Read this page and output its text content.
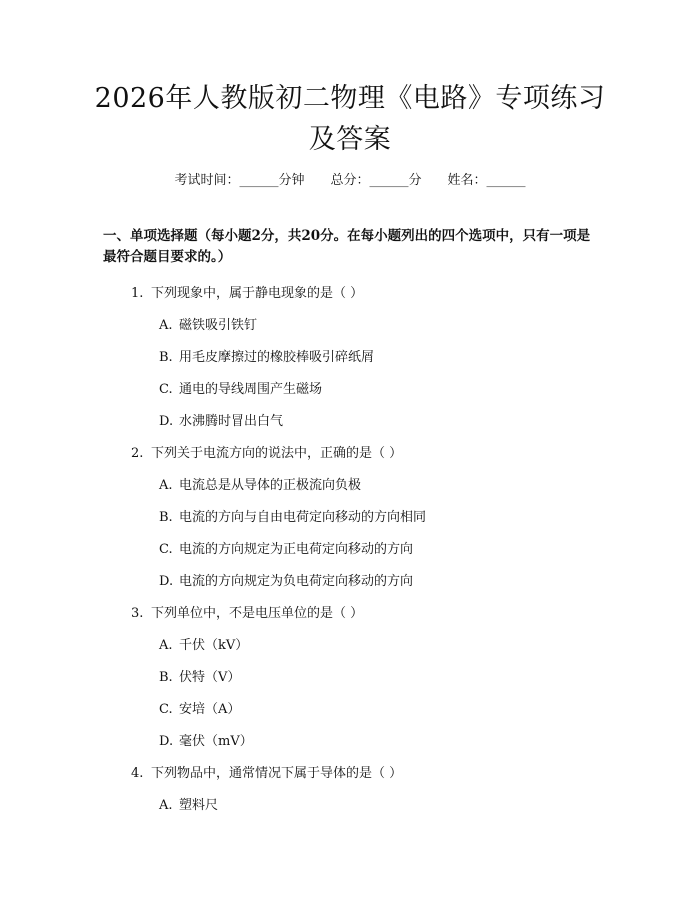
2026年人教版初二物理《电路》专项练习及答案
考试时间：______分钟 总分：______分 姓名：______
一、单项选择题（每小题2分，共20分。在每小题列出的四个选项中，只有一项是最符合题目要求的。）
1. 下列现象中，属于静电现象的是（ ）
A. 磁铁吸引铁钉
B. 用毛皮摩擦过的橡胶棒吸引碎纸屑
C. 通电的导线周围产生磁场
D. 水沸腾时冒出白气
2. 下列关于电流方向的说法中，正确的是（ ）
A. 电流总是从导体的正极流向负极
B. 电流的方向与自由电荷定向移动的方向相同
C. 电流的方向规定为正电荷定向移动的方向
D. 电流的方向规定为负电荷定向移动的方向
3. 下列单位中，不是电压单位的是（ ）
A. 千伏（kV）
B. 伏特（V）
C. 安培（A）
D. 毫伏（mV）
4. 下列物品中，通常情况下属于导体的是（ ）
A. 塑料尺
